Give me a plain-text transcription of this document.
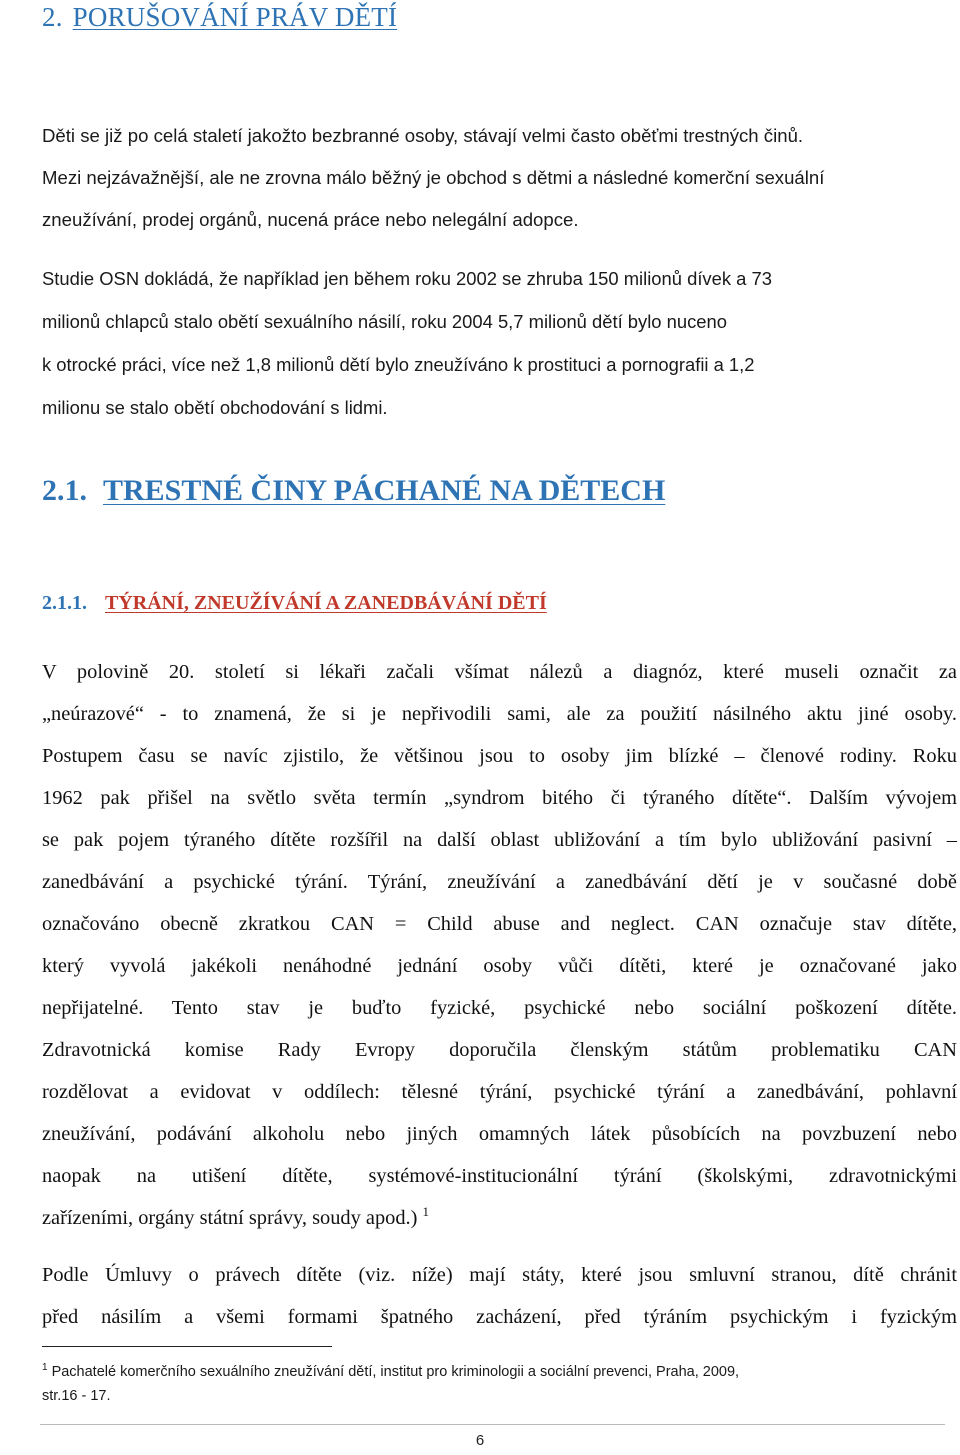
2. PORUŠOVÁNÍ PRÁV DĚTÍ
Děti se již po celá staletí jakožto bezbranné osoby, stávají velmi často oběťmi trestných činů.
Mezi nejzávažnější, ale ne zrovna málo běžný je obchod s dětmi a následné komerční sexuální
zneužívání, prodej orgánů, nucená práce nebo nelegální adopce.
Studie OSN dokládá, že například jen během roku 2002 se zhruba 150 milionů dívek a 73
milionů chlapců stalo obětí sexuálního násilí, roku 2004 5,7 milionů dětí bylo nuceno
k otrocké práci, více než 1,8 milionů dětí bylo zneužíváno k prostituci a pornografii a 1,2
milionu se stalo obětí obchodování s lidmi.
2.1. TRESTNÉ ČINY PÁCHANÉ NA DĚTECH
2.1.1. TÝRÁNÍ, ZNEUŽÍVÁNÍ A ZANEDBÁVÁNÍ DĚTÍ
V polovině 20. století si lékaři začali všímat nálezů a diagnóz, které museli označit za
„neúrazové“ - to znamená, že si je nepřivodili sami, ale za použití násilného aktu jiné osoby.
Postupem času se navíc zjistilo, že většinou jsou to osoby jim blízké – členové rodiny. Roku
1962 pak přišel na světlo světa termín „syndrom bitého či týraného dítěte“. Dalším vývojem
se pak pojem týraného dítěte rozšířil na další oblast ubližování a tím bylo ubližování pasivní –
zanedbávání a psychické týrání. Týrání, zneužívání a zanedbávání dětí je v současné době
označováno obecně zkratkou CAN = Child abuse and neglect. CAN označuje stav dítěte,
který vyvolá jakékoli nenáhodné jednání osoby vůči dítěti, které je označované jako
nepřijatelné. Tento stav je buďto fyzické, psychické nebo sociální poškození dítěte.
Zdravotnická komise Rady Evropy doporučila členským státům problematiku CAN
rozdělovat a evidovat v oddílech: tělesné týrání, psychické týrání a zanedbávání, pohlavní
zneužívání, podávání alkoholu nebo jiných omamných látek působících na povzbuzení nebo
naopak na utišení dítěte, systémové-institucionální týrání (školskými, zdravotnickými
zařízeními, orgány státní správy, soudy apod.) $^1$
Podle Úmluvy o právech dítěte (viz. níže) mají státy, které jsou smluvní stranou, dítě chránit
před násilím a všemi formami špatného zacházení, před týráním psychickým i fyzickým
$^1$ Pachatelé komerčního sexuálního zneužívání dětí, institut pro kriminologii a sociální prevenci, Praha, 2009,
str.16 - 17.
6
